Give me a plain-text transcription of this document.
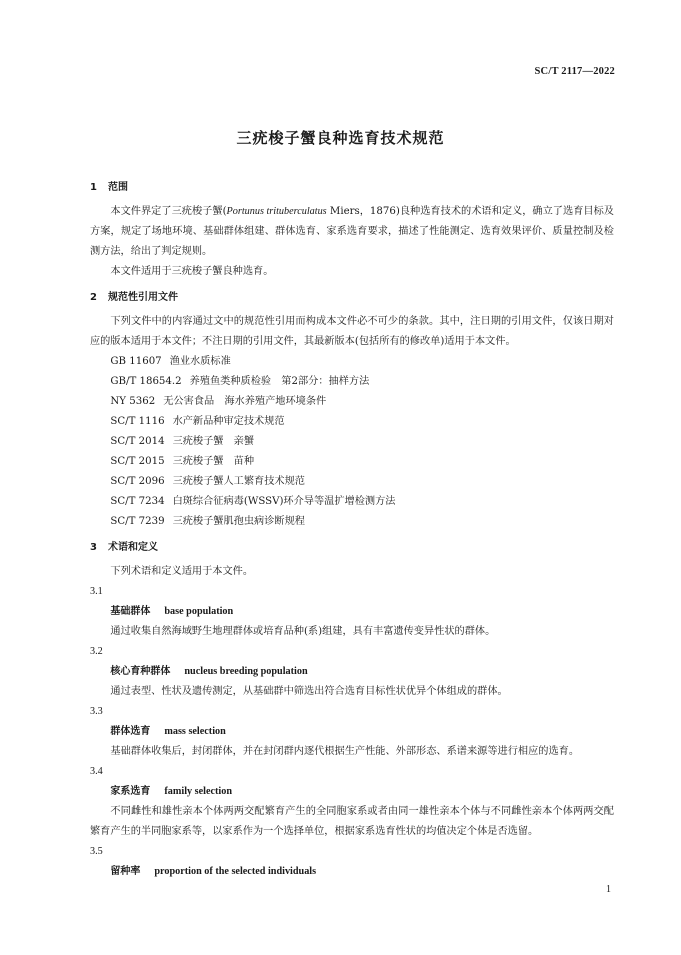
SC/T 2117—2022
三疣梭子蟹良种选育技术规范

1 范围

本文件界定了三疣梭子蟹(Portunus trituberculatus Miers，1876)良种选育技术的术语和定义，确立了选育目标及方案，规定了场地环境、基础群体组建、群体选育、家系选育要求，描述了性能测定、选育效果评价、质量控制及检测方法，给出了判定规则。

本文件适用于三疣梭子蟹良种选育。

2 规范性引用文件

下列文件中的内容通过文中的规范性引用而构成本文件必不可少的条款。其中，注日期的引用文件，仅该日期对应的版本适用于本文件；不注日期的引用文件，其最新版本(包括所有的修改单)适用于本文件。

GB 11607 渔业水质标准

GB/T 18654.2 养殖鱼类种质检验　第2部分：抽样方法

NY 5362 无公害食品　海水养殖产地环境条件

SC/T 1116 水产新品种审定技术规范

SC/T 2014 三疣梭子蟹　亲蟹

SC/T 2015 三疣梭子蟹　苗种

SC/T 2096 三疣梭子蟹人工繁育技术规范

SC/T 7234 白斑综合征病毒(WSSV)环介导等温扩增检测方法

SC/T 7239 三疣梭子蟹肌孢虫病诊断规程

3 术语和定义

下列术语和定义适用于本文件。

3.1

基础群体 base population

通过收集自然海域野生地理群体或培育品种(系)组建，具有丰富遗传变异性状的群体。

3.2

核心育种群体 nucleus breeding population

通过表型、性状及遗传测定，从基础群中筛选出符合选育目标性状优异个体组成的群体。

3.3

群体选育 mass selection

基础群体收集后，封闭群体，并在封闭群内逐代根据生产性能、外部形态、系谱来源等进行相应的选育。

3.4

家系选育 family selection

不同雌性和雄性亲本个体两两交配繁育产生的全同胞家系或者由同一雄性亲本个体与不同雌性亲本个体两两交配繁育产生的半同胞家系等，以家系作为一个选择单位，根据家系选育性状的均值决定个体是否选留。

3.5

留种率 proportion of the selected individuals

1
